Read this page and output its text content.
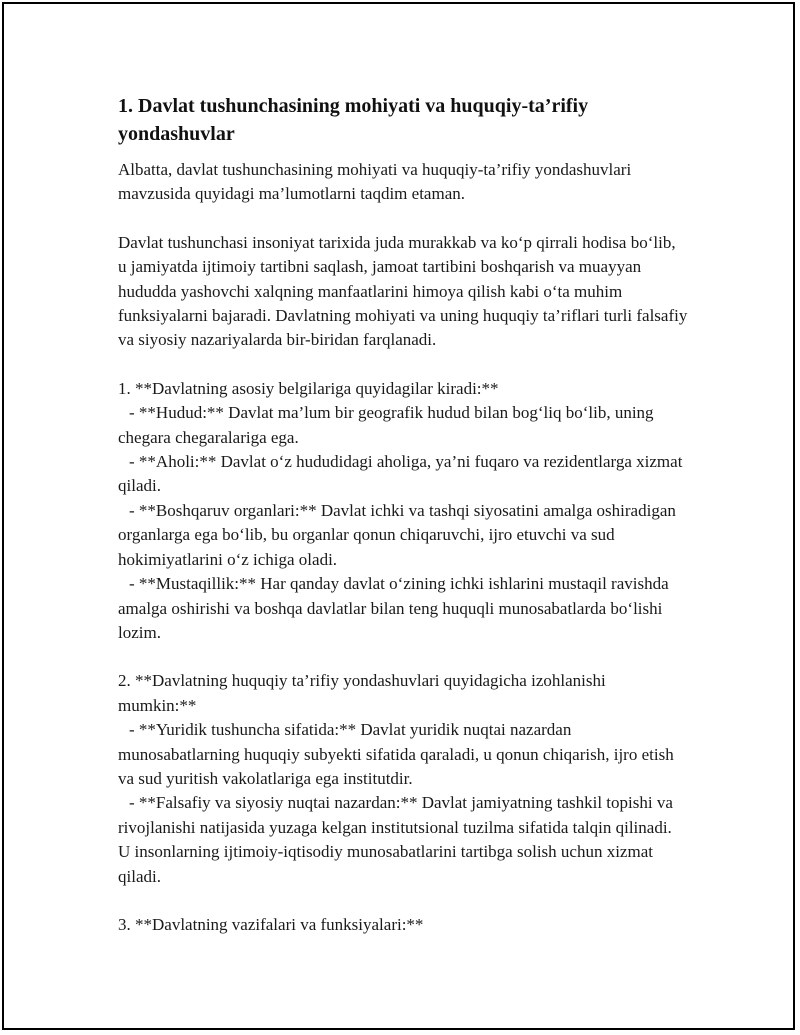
1. Davlat tushunchasining mohiyati va huquqiy-ta’rifiy yondashuvlar

Albatta, davlat tushunchasining mohiyati va huquqiy-ta’rifiy yondashuvlari mavzusida quyidagi ma’lumotlarni taqdim etaman.

Davlat tushunchasi insoniyat tarixida juda murakkab va ko‘p qirrali hodisa bo‘lib, u jamiyatda ijtimoiy tartibni saqlash, jamoat tartibini boshqarish va muayyan hududda yashovchi xalqning manfaatlarini himoya qilish kabi o‘ta muhim funksiyalarni bajaradi. Davlatning mohiyati va uning huquqiy ta’riflari turli falsafiy va siyosiy nazariyalarda bir-biridan farqlanadi.

1. **Davlatning asosiy belgilariga quyidagilar kiradi:**

- **Hudud:** Davlat ma’lum bir geografik hudud bilan bog‘liq bo‘lib, uning chegara chegaralariga ega.

- **Aholi:** Davlat o‘z hududidagi aholiga, ya’ni fuqaro va rezidentlarga xizmat qiladi.

- **Boshqaruv organlari:** Davlat ichki va tashqi siyosatini amalga oshiradigan organlarga ega bo‘lib, bu organlar qonun chiqaruvchi, ijro etuvchi va sud hokimiyatlarini o‘z ichiga oladi.

- **Mustaqillik:** Har qanday davlat o‘zining ichki ishlarini mustaqil ravishda amalga oshirishi va boshqa davlatlar bilan teng huquqli munosabatlarda bo‘lishi lozim.

2. **Davlatning huquqiy ta’rifiy yondashuvlari quyidagicha izohlanishi mumkin:**

- **Yuridik tushuncha sifatida:** Davlat yuridik nuqtai nazardan munosabatlarning huquqiy subyekti sifatida qaraladi, u qonun chiqarish, ijro etish va sud yuritish vakolatlariga ega institutdir.

- **Falsafiy va siyosiy nuqtai nazardan:** Davlat jamiyatning tashkil topishi va rivojlanishi natijasida yuzaga kelgan institutsional tuzilma sifatida talqin qilinadi. U insonlarning ijtimoiy-iqtisodiy munosabatlarini tartibga solish uchun xizmat qiladi.

3. **Davlatning vazifalari va funksiyalari:**
